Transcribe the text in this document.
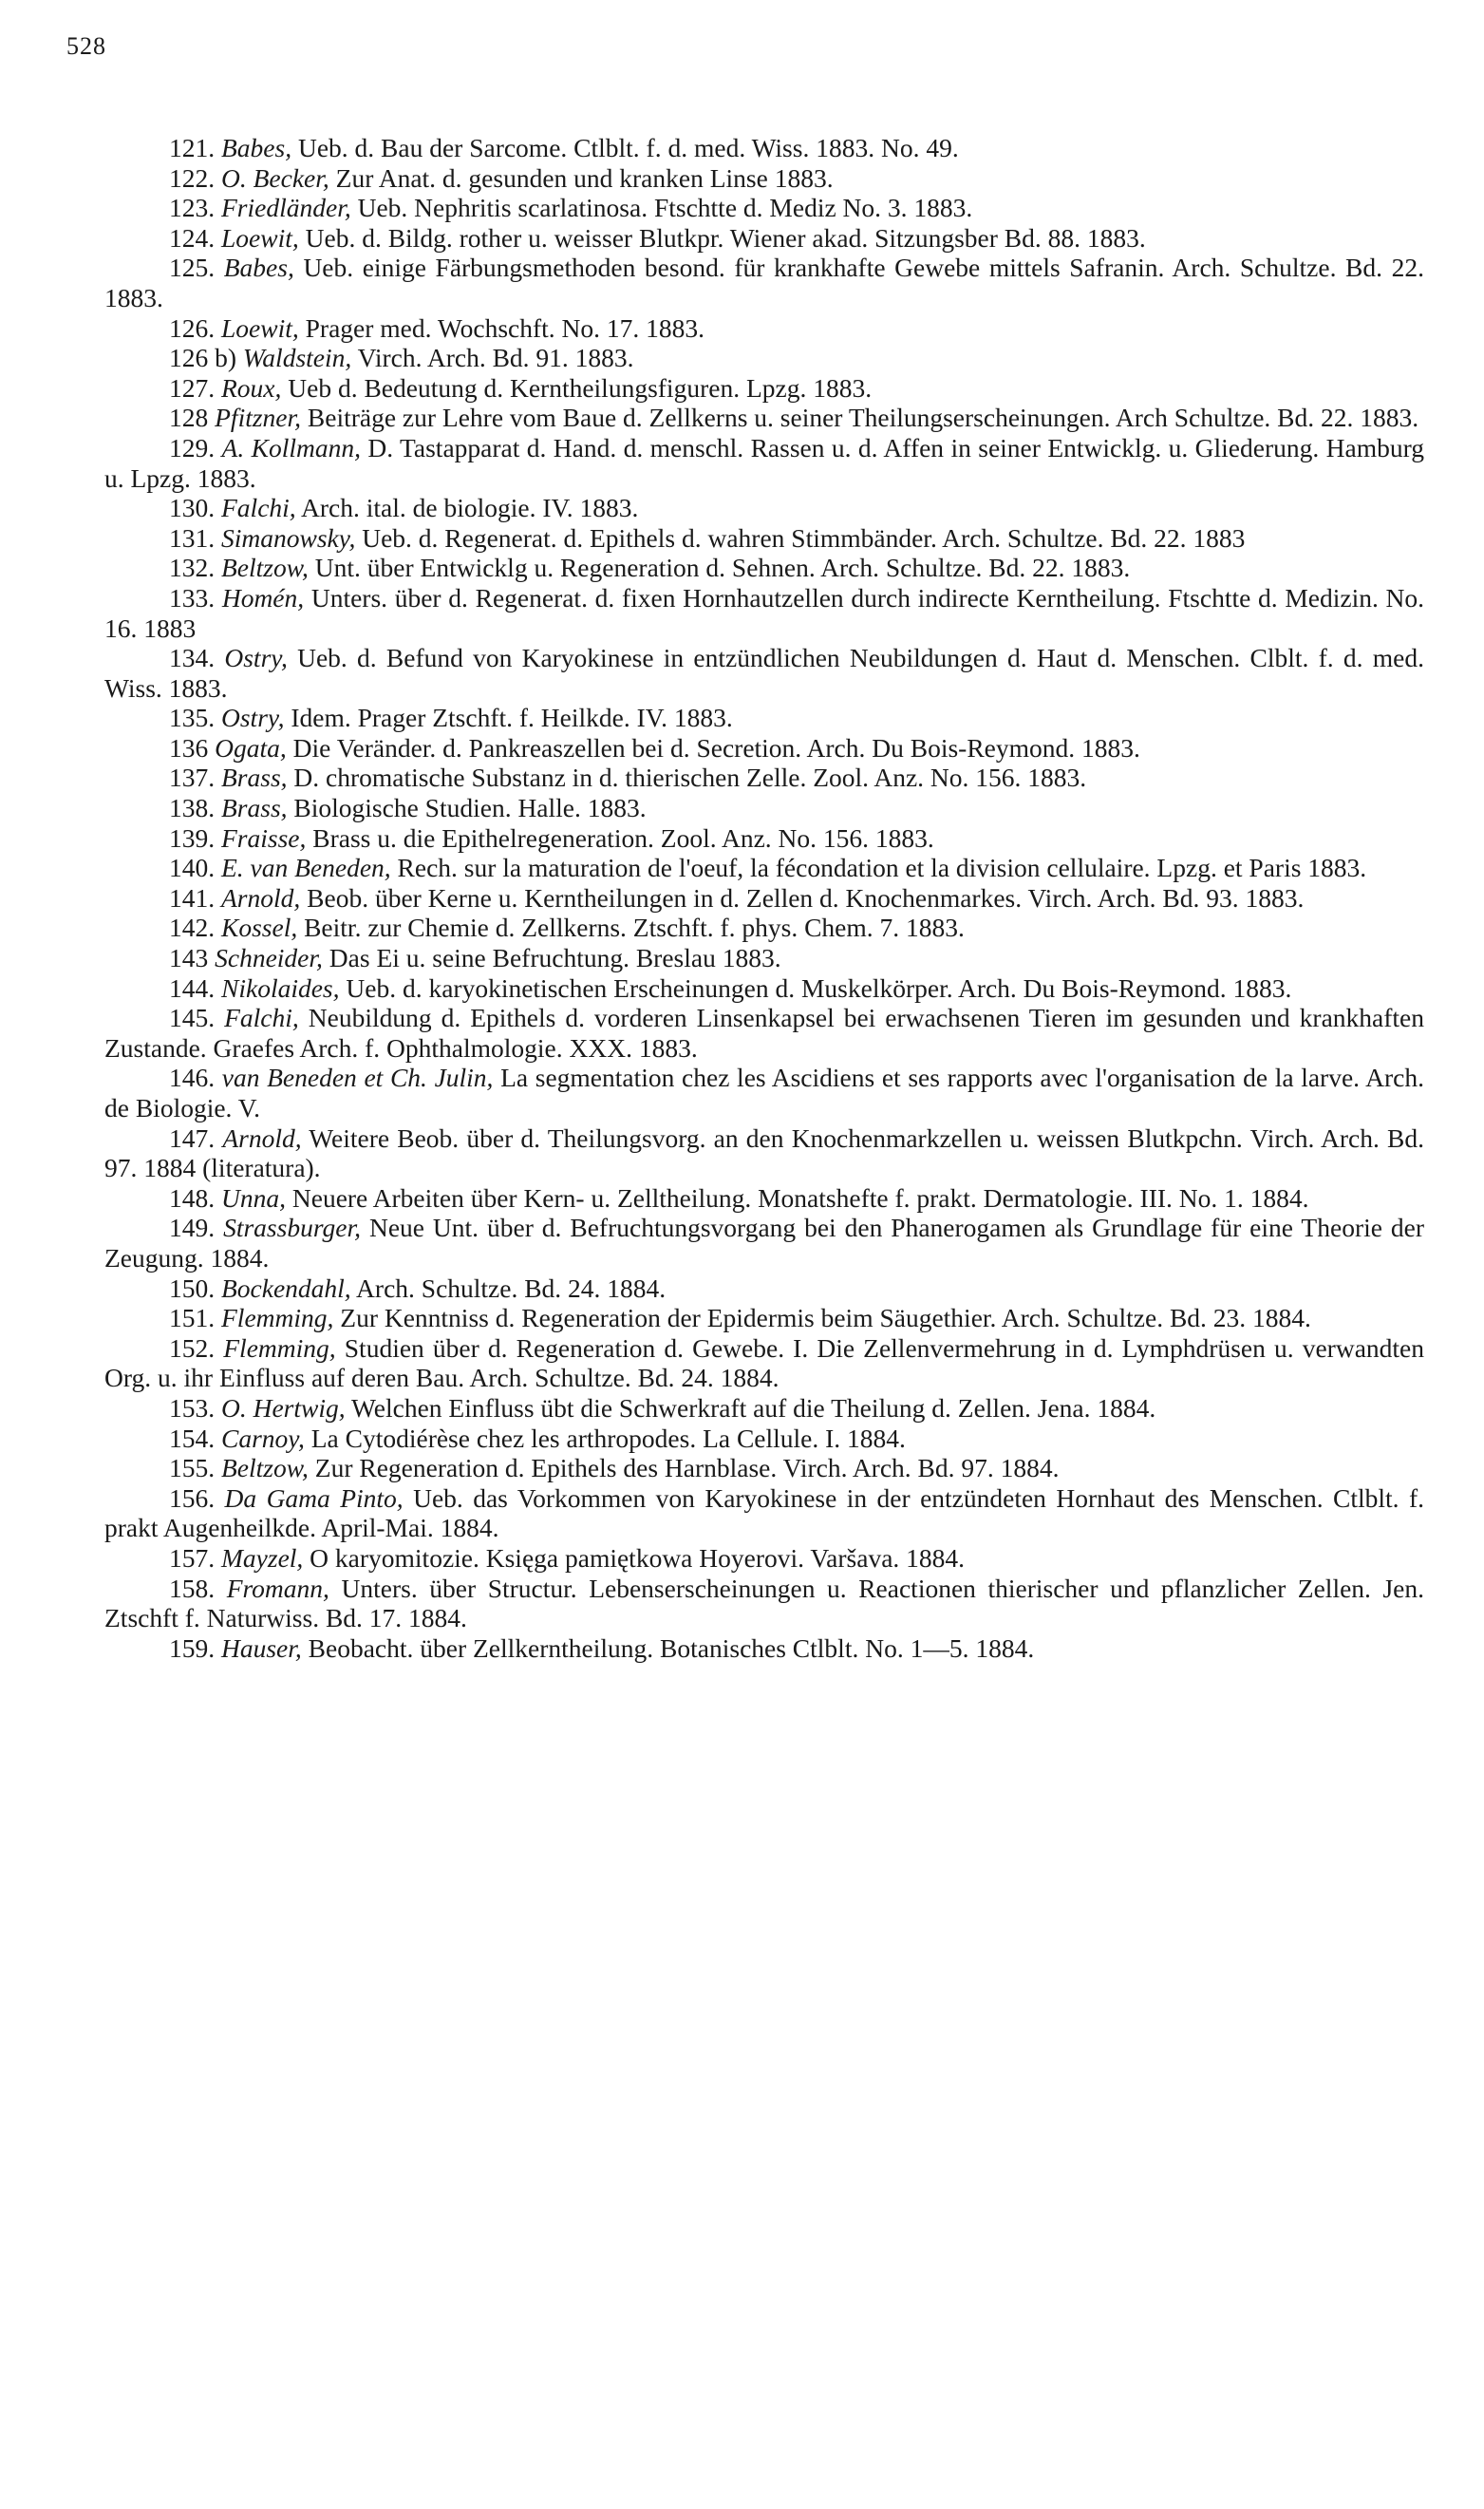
528

121. Babes, Ueb. d. Bau der Sarcome. Ctlblt. f. d. med. Wiss. 1883. No. 49.

122. O. Becker, Zur Anat. d. gesunden und kranken Linse 1883.

123. Friedländer, Ueb. Nephritis scarlatinosa. Ftschtte d. Mediz No. 3. 1883.

124. Loewit, Ueb. d. Bildg. rother u. weisser Blutkpr. Wiener akad. Sitzungsber Bd. 88. 1883.

125. Babes, Ueb. einige Färbungsmethoden besond. für krankhafte Gewebe mittels Safranin. Arch. Schultze. Bd. 22. 1883.

126. Loewit, Prager med. Wochschft. No. 17. 1883.

126 b) Waldstein, Virch. Arch. Bd. 91. 1883.

127. Roux, Ueb d. Bedeutung d. Kerntheilungsfiguren. Lpzg. 1883.

128 Pfitzner, Beiträge zur Lehre vom Baue d. Zellkerns u. seiner Theilungserscheinungen. Arch Schultze. Bd. 22. 1883.

129. A. Kollmann, D. Tastapparat d. Hand. d. menschl. Rassen u. d. Affen in seiner Entwicklg. u. Gliederung. Hamburg u. Lpzg. 1883.

130. Falchi, Arch. ital. de biologie. IV. 1883.

131. Simanowsky, Ueb. d. Regenerat. d. Epithels d. wahren Stimmbänder. Arch. Schultze. Bd. 22. 1883

132. Beltzow, Unt. über Entwicklg u. Regeneration d. Sehnen. Arch. Schultze. Bd. 22. 1883.

133. Homén, Unters. über d. Regenerat. d. fixen Hornhautzellen durch indirecte Kerntheilung. Ftschtte d. Medizin. No. 16. 1883

134. Ostry, Ueb. d. Befund von Karyokinese in entzündlichen Neubildungen d. Haut d. Menschen. Clblt. f. d. med. Wiss. 1883.

135. Ostry, Idem. Prager Ztschft. f. Heilkde. IV. 1883.

136 Ogata, Die Veränder. d. Pankreaszellen bei d. Secretion. Arch. Du Bois-Reymond. 1883.

137. Brass, D. chromatische Substanz in d. thierischen Zelle. Zool. Anz. No. 156. 1883.

138. Brass, Biologische Studien. Halle. 1883.

139. Fraisse, Brass u. die Epithelregeneration. Zool. Anz. No. 156. 1883.

140. E. van Beneden, Rech. sur la maturation de l'oeuf, la fécondation et la division cellulaire. Lpzg. et Paris 1883.

141. Arnold, Beob. über Kerne u. Kerntheilungen in d. Zellen d. Knochenmarkes. Virch. Arch. Bd. 93. 1883.

142. Kossel, Beitr. zur Chemie d. Zellkerns. Ztschft. f. phys. Chem. 7. 1883.

143 Schneider, Das Ei u. seine Befruchtung. Breslau 1883.

144. Nikolaides, Ueb. d. karyokinetischen Erscheinungen d. Muskelkörper. Arch. Du Bois-Reymond. 1883.

145. Falchi, Neubildung d. Epithels d. vorderen Linsenkapsel bei erwachsenen Tieren im gesunden und krankhaften Zustande. Graefes Arch. f. Ophthalmologie. XXX. 1883.

146. van Beneden et Ch. Julin, La segmentation chez les Ascidiens et ses rapports avec l'organisation de la larve. Arch. de Biologie. V.

147. Arnold, Weitere Beob. über d. Theilungsvorg. an den Knochenmarkzellen u. weissen Blutkpchn. Virch. Arch. Bd. 97. 1884 (literatura).

148. Unna, Neuere Arbeiten über Kern- u. Zelltheilung. Monatshefte f. prakt. Dermatologie. III. No. 1. 1884.

149. Strassburger, Neue Unt. über d. Befruchtungsvorgang bei den Phanerogamen als Grundlage für eine Theorie der Zeugung. 1884.

150. Bockendahl, Arch. Schultze. Bd. 24. 1884.

151. Flemming, Zur Kenntniss d. Regeneration der Epidermis beim Säugethier. Arch. Schultze. Bd. 23. 1884.

152. Flemming, Studien über d. Regeneration d. Gewebe. I. Die Zellenvermehrung in d. Lymphdrüsen u. verwandten Org. u. ihr Einfluss auf deren Bau. Arch. Schultze. Bd. 24. 1884.

153. O. Hertwig, Welchen Einfluss übt die Schwerkraft auf die Theilung d. Zellen. Jena. 1884.

154. Carnoy, La Cytodiérèse chez les arthropodes. La Cellule. I. 1884.

155. Beltzow, Zur Regeneration d. Epithels des Harnblase. Virch. Arch. Bd. 97. 1884.

156. Da Gama Pinto, Ueb. das Vorkommen von Karyokinese in der entzündeten Hornhaut des Menschen. Ctlblt. f. prakt Augenheilkde. April-Mai. 1884.

157. Mayzel, O karyomitozie. Księga pamiętkowa Hoyerovi. Varšava. 1884.

158. Fromann, Unters. über Structur. Lebenserscheinungen u. Reactionen thierischer und pflanzlicher Zellen. Jen. Ztschft f. Naturwiss. Bd. 17. 1884.

159. Hauser, Beobacht. über Zellkerntheilung. Botanisches Ctlblt. No. 1—5. 1884.
